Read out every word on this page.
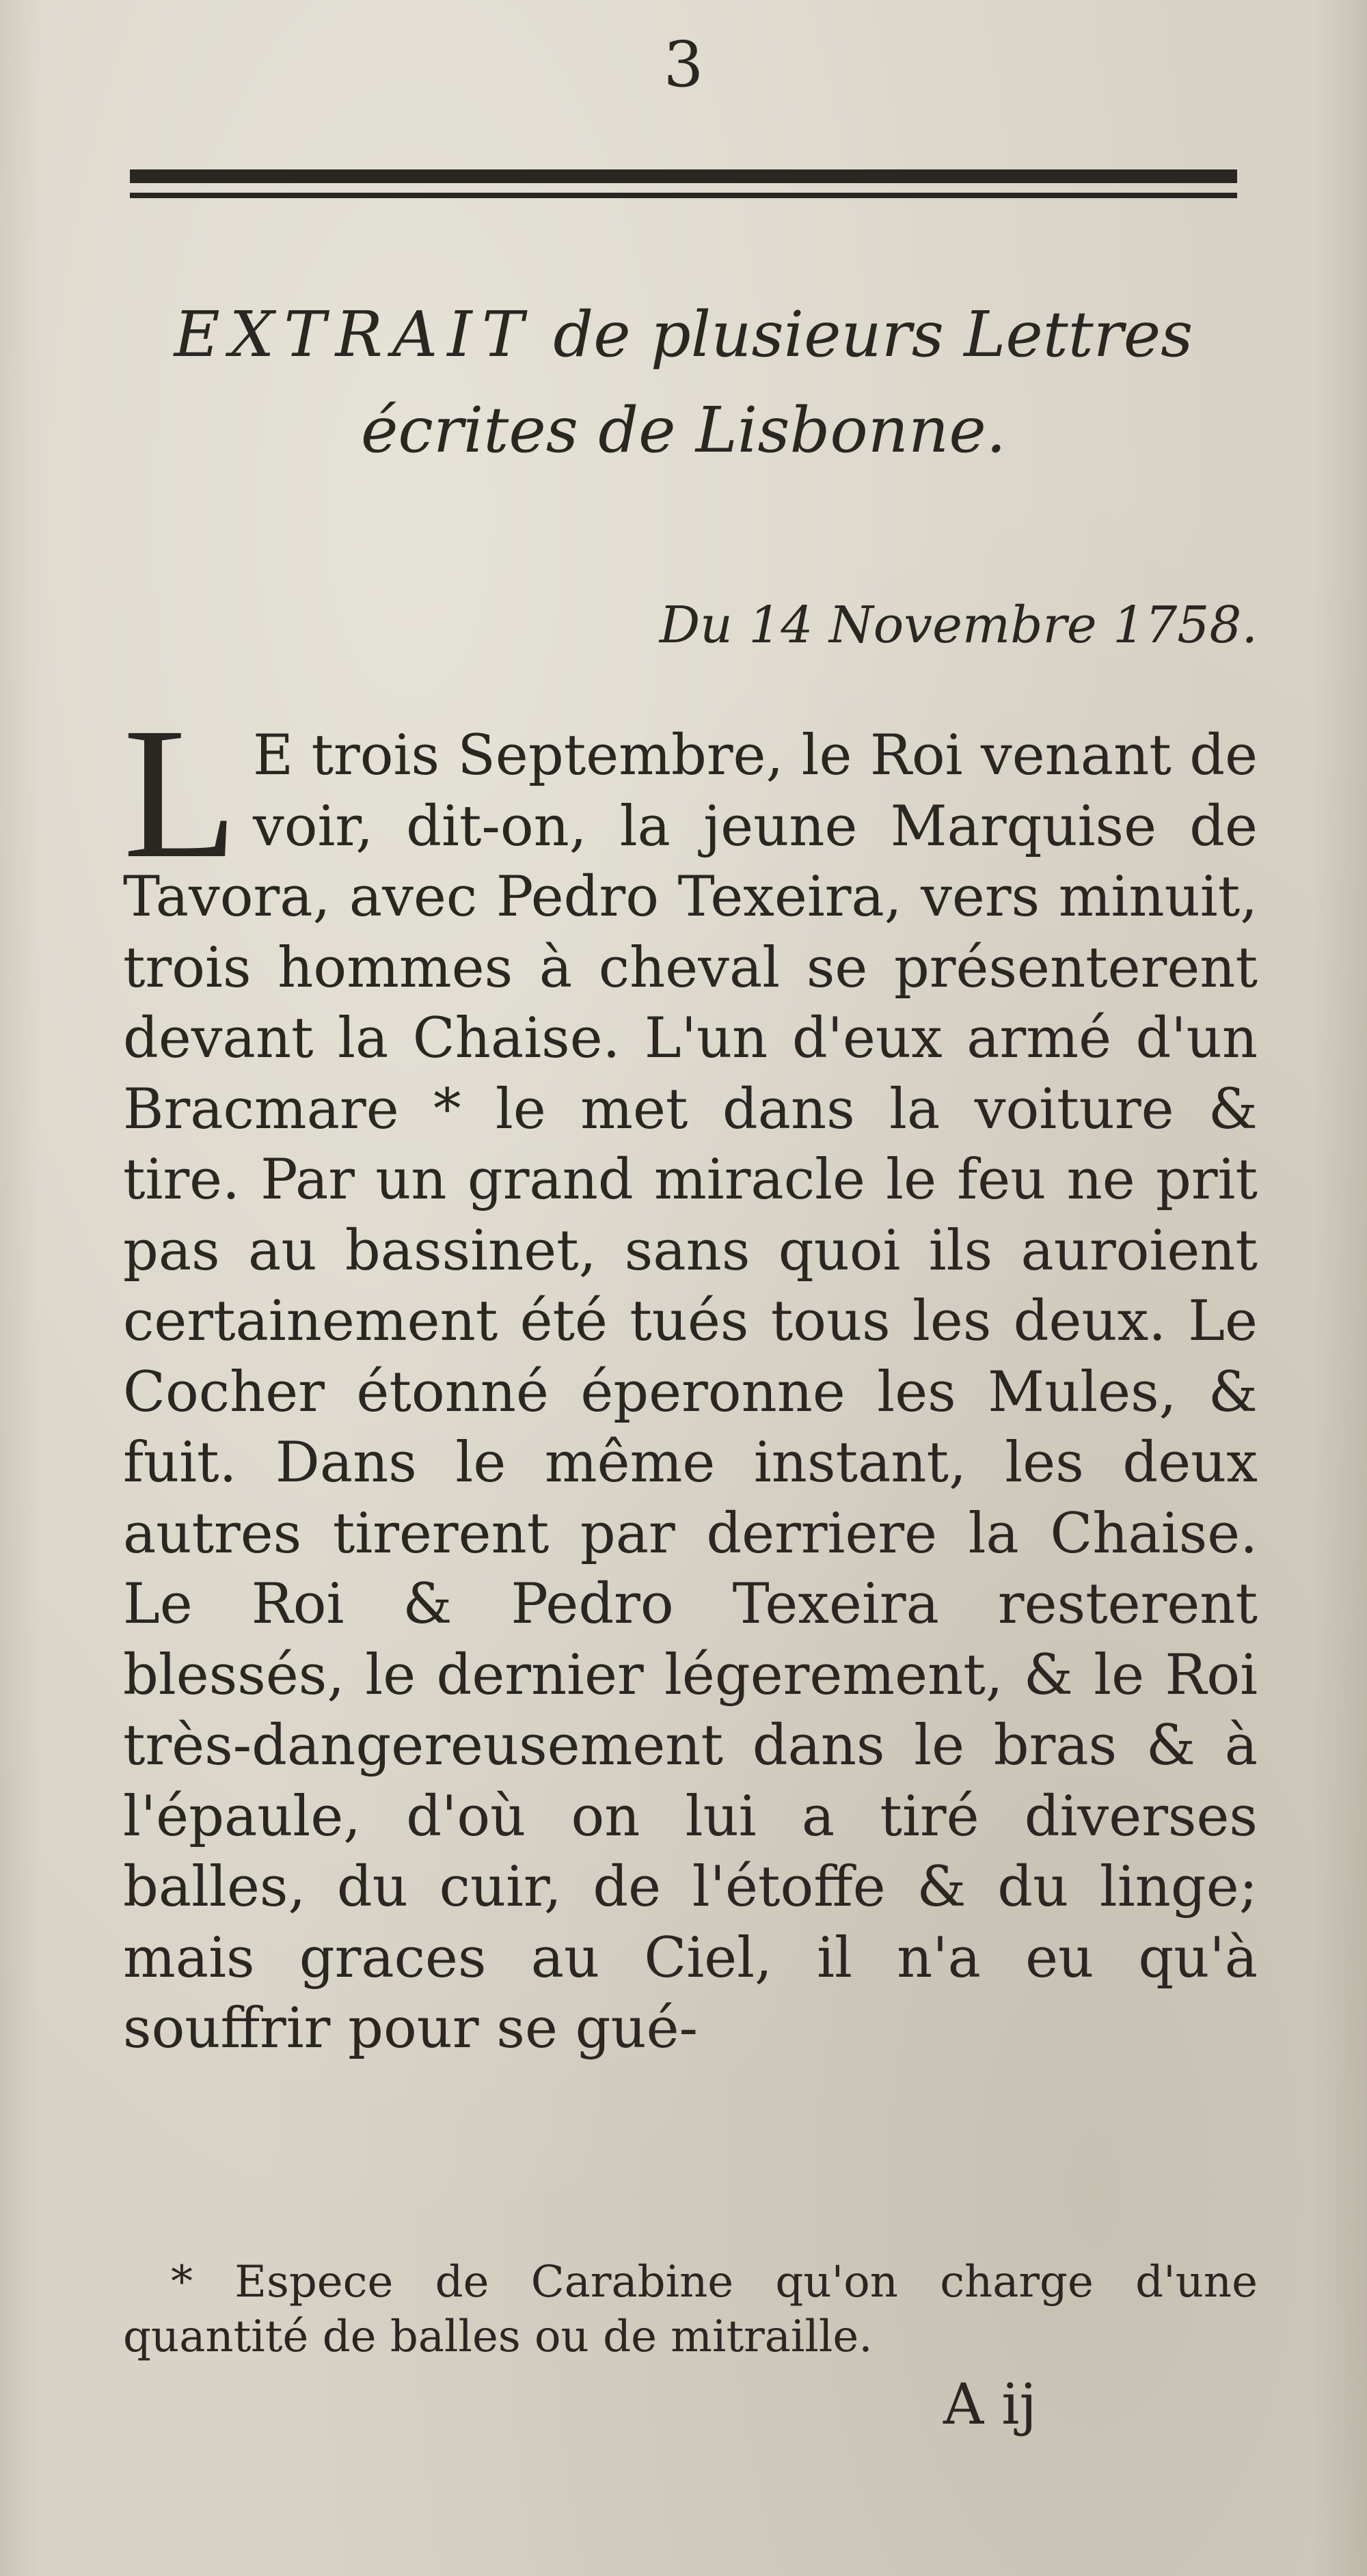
3
EXTRAIT de plusieurs Lettres
écrites de Lisbonne.
Du 14 Novembre 1758.
L E trois Septembre, le Roi venant de voir, dit-on, la jeune Marquise de Tavora, avec Pedro Texeira, vers minuit, trois hommes à cheval se présenterent devant la Chaise. L'un d'eux armé d'un Bracmare * le met dans la voiture & tire. Par un grand miracle le feu ne prit pas au bassinet, sans quoi ils auroient certainement été tués tous les deux. Le Cocher étonné éperonne les Mules, & fuit. Dans le même instant, les deux autres tirerent par derriere la Chaise. Le Roi & Pedro Texeira resterent blessés, le dernier légerement, & le Roi très-dangereusement dans le bras & à l'épaule, d'où on lui a tiré diverses balles, du cuir, de l'étoffe & du linge; mais graces au Ciel, il n'a eu qu'à souffrir pour se gué-
* Espece de Carabine qu'on charge d'une quantité de balles ou de mitraille.
A ij
